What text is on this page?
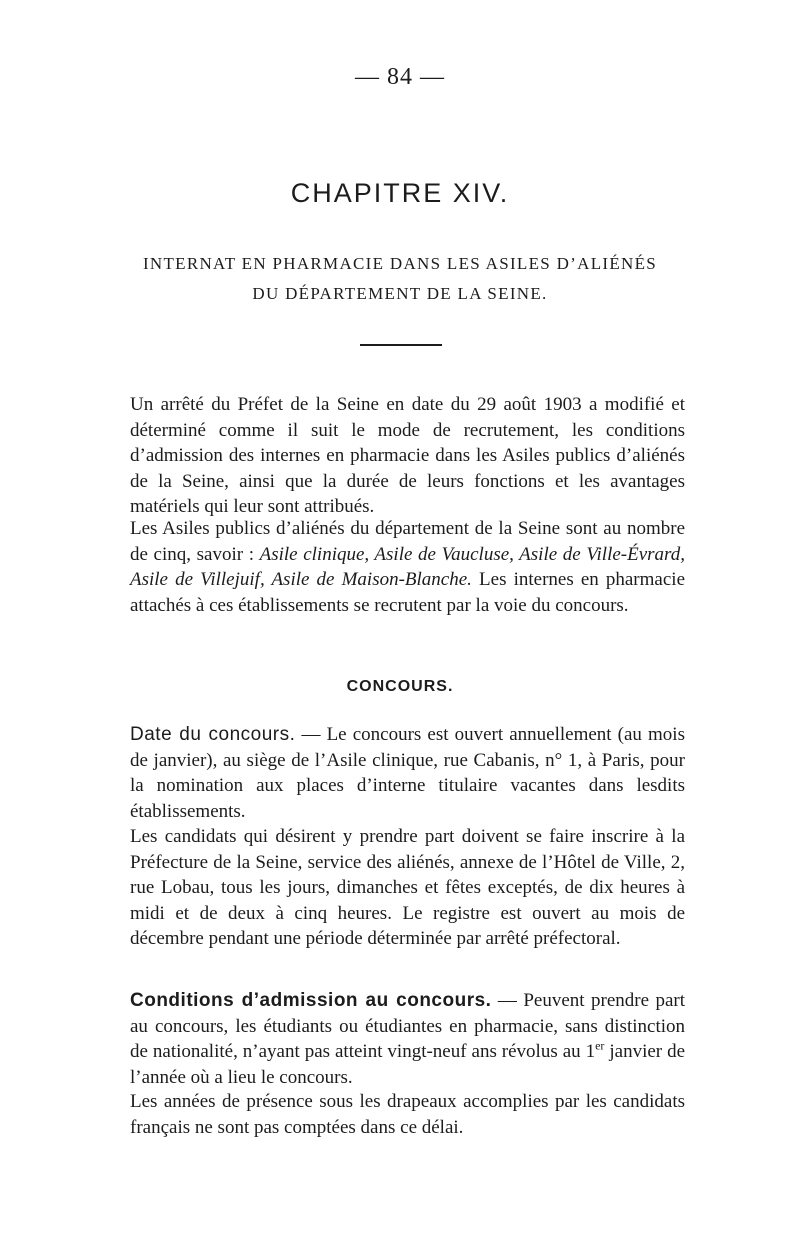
— 84 —
CHAPITRE XIV.
INTERNAT EN PHARMACIE DANS LES ASILES D’ALIÉNÉS
DU DÉPARTEMENT DE LA SEINE.

Un arrêté du Préfet de la Seine en date du 29 août 1903 a modifié et déterminé comme il suit le mode de recrutement, les conditions d’admission des internes en pharmacie dans les Asiles publics d’aliénés de la Seine, ainsi que la durée de leurs fonctions et les avantages matériels qui leur sont attribués.

Les Asiles publics d’aliénés du département de la Seine sont au nombre de cinq, savoir : Asile clinique, Asile de Vaucluse, Asile de Ville-Évrard, Asile de Villejuif, Asile de Maison-Blanche. Les internes en pharmacie attachés à ces établissements se recrutent par la voie du concours.

CONCOURS.

Date du concours. — Le concours est ouvert annuellement (au mois de janvier), au siège de l’Asile clinique, rue Cabanis, n° 1, à Paris, pour la nomination aux places d’interne titulaire vacantes dans lesdits établissements.

Les candidats qui désirent y prendre part doivent se faire inscrire à la Préfecture de la Seine, service des aliénés, annexe de l’Hôtel de Ville, 2, rue Lobau, tous les jours, dimanches et fêtes exceptés, de dix heures à midi et de deux à cinq heures. Le registre est ouvert au mois de décembre pendant une période déterminée par arrêté préfectoral.

Conditions d’admission au concours. — Peuvent prendre part au concours, les étudiants ou étudiantes en pharmacie, sans distinction de nationalité, n’ayant pas atteint vingt-neuf ans révolus au 1er janvier de l’année où a lieu le concours.

Les années de présence sous les drapeaux accomplies par les candidats français ne sont pas comptées dans ce délai.
